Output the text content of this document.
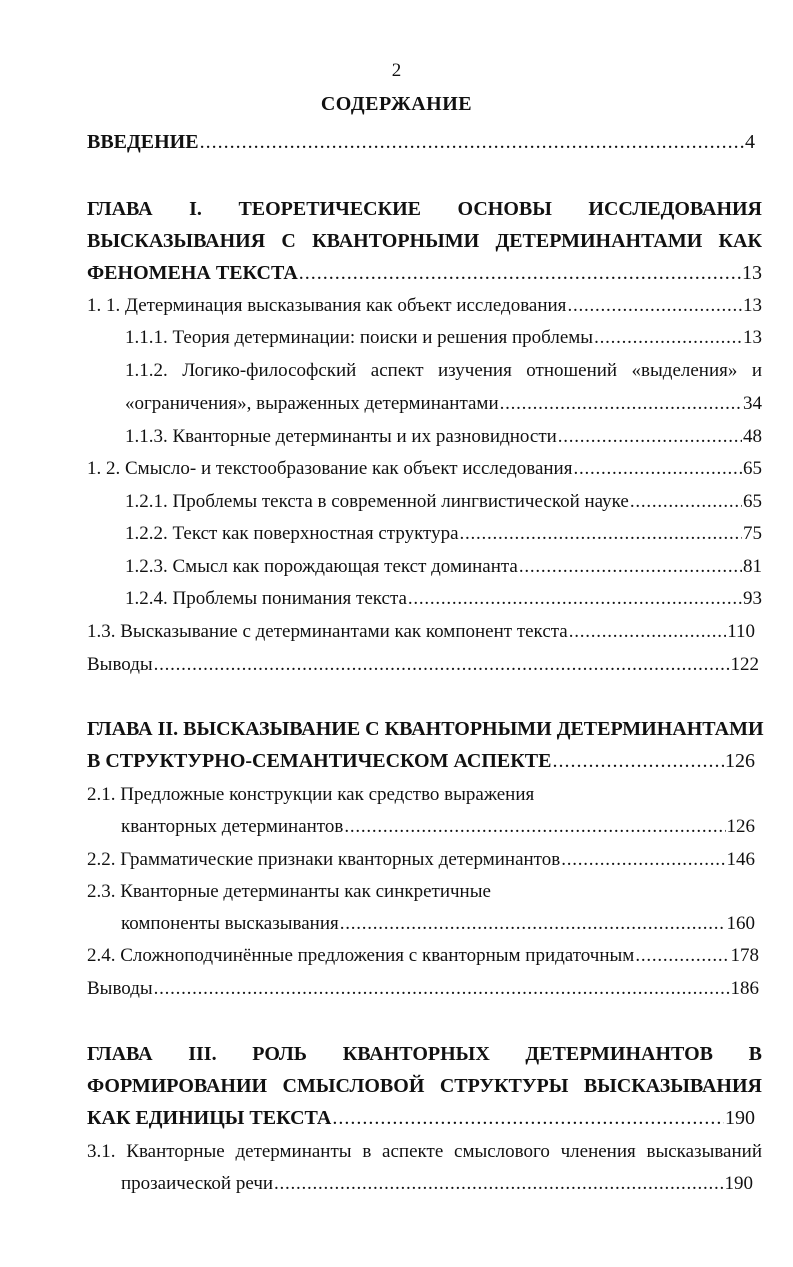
2
СОДЕРЖАНИЕ
ВВЕДЕНИЕ . . .	4
ГЛАВА I. ТЕОРЕТИЧЕСКИЕ ОСНОВЫ ИССЛЕДОВАНИЯ
ВЫСКАЗЫВАНИЯ С КВАНТОРНЫМИ ДЕТЕРМИНАНТАМИ КАК
ФЕНОМЕНА ТЕКСТА . . .	13
1. 1. Детерминация высказывания как объект исследования . . .	13
1.1.1. Теория детерминации: поиски и решения проблемы . . .	13
1.1.2. Логико-философский аспект изучения отношений «выделения» и
«ограничения», выраженных детерминантами . . .	34
1.1.3. Кванторные детерминанты и их разновидности . . .	48
1. 2. Смысло- и текстообразование как объект исследования . . .	65
1.2.1. Проблемы текста в современной лингвистической науке . . .	65
1.2.2. Текст как поверхностная структура . . .	75
1.2.3. Смысл как порождающая текст доминанта . . .	81
1.2.4. Проблемы понимания текста . . .	93
1.3. Высказывание с детерминантами как компонент текста . . .	110
Выводы . . .	122
ГЛАВА II. ВЫСКАЗЫВАНИЕ С КВАНТОРНЫМИ ДЕТЕРМИНАНТАМИ
В СТРУКТУРНО-СЕМАНТИЧЕСКОМ АСПЕКТЕ . . .	126
2.1. Предложные конструкции как средство выражения
кванторных детерминантов . . .	126
2.2. Грамматические признаки кванторных детерминантов . . .	146
2.3. Кванторные детерминанты как синкретичные
компоненты высказывания . . .	160
2.4. Сложноподчинённые предложения с кванторным придаточным . . .	178
Выводы . . .	186
ГЛАВА III. РОЛЬ КВАНТОРНЫХ ДЕТЕРМИНАНТОВ В
ФОРМИРОВАНИИ СМЫСЛОВОЙ СТРУКТУРЫ ВЫСКАЗЫВАНИЯ
КАК ЕДИНИЦЫ ТЕКСТА . . .	190
3.1. Кванторные детерминанты в аспекте смыслового членения высказываний
прозаической речи . . .	190
